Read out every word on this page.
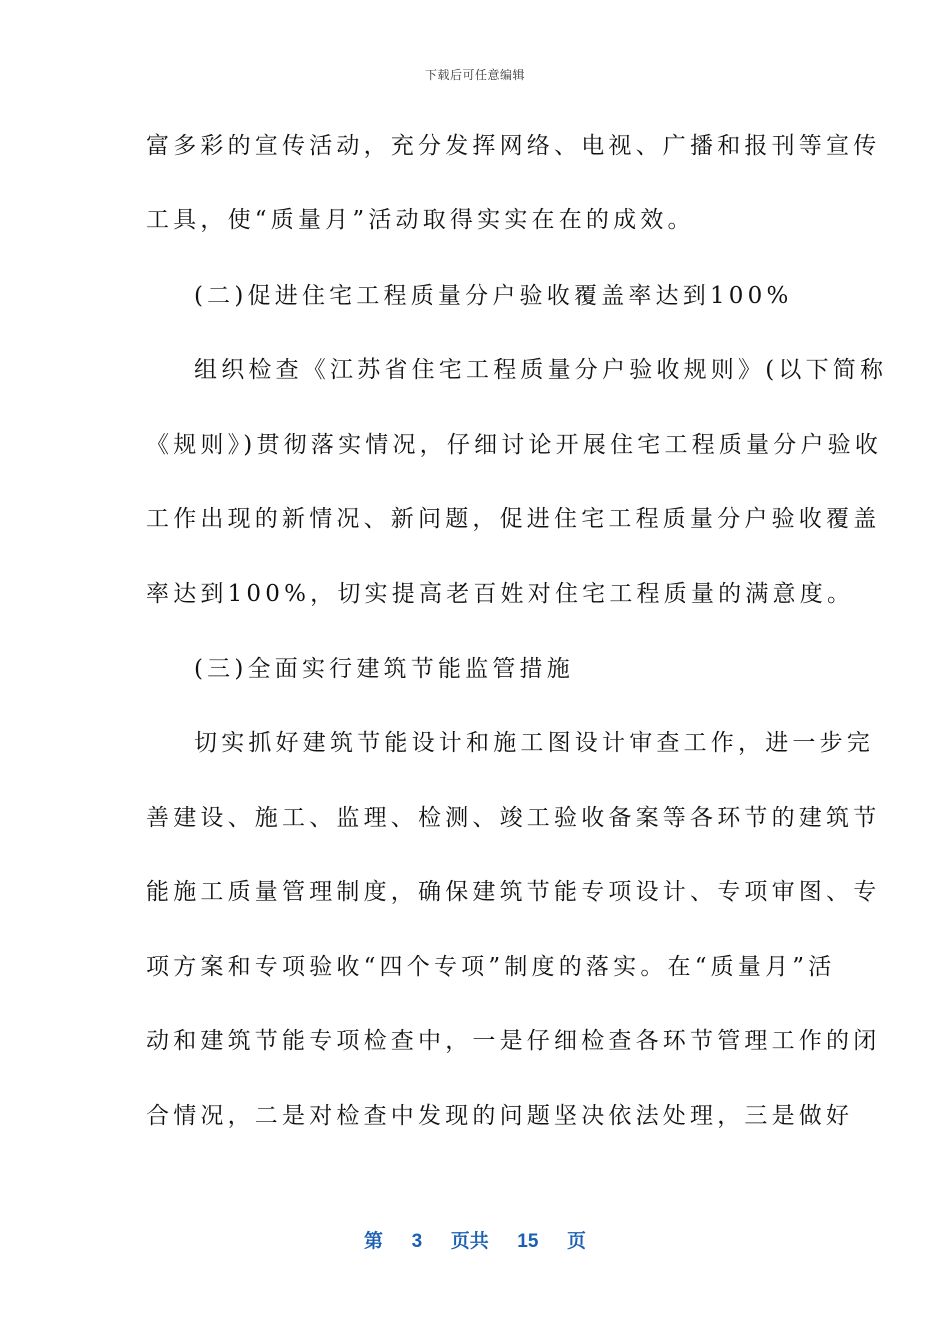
下载后可任意编辑
富多彩的宣传活动，充分发挥网络、电视、广播和报刊等宣传
工具，使“质量月”活动取得实实在在的成效。
(二)促进住宅工程质量分户验收覆盖率达到100%
组织检查《江苏省住宅工程质量分户验收规则》(以下简称
《规则》)贯彻落实情况，仔细讨论开展住宅工程质量分户验收
工作出现的新情况、新问题，促进住宅工程质量分户验收覆盖
率达到100%，切实提高老百姓对住宅工程质量的满意度。
(三)全面实行建筑节能监管措施
切实抓好建筑节能设计和施工图设计审查工作，进一步完
善建设、施工、监理、检测、竣工验收备案等各环节的建筑节
能施工质量管理制度，确保建筑节能专项设计、专项审图、专
项方案和专项验收“四个专项”制度的落实。在“质量月”活
动和建筑节能专项检查中，一是仔细检查各环节管理工作的闭
合情况，二是对检查中发现的问题坚决依法处理，三是做好
第 3 页共 15 页
